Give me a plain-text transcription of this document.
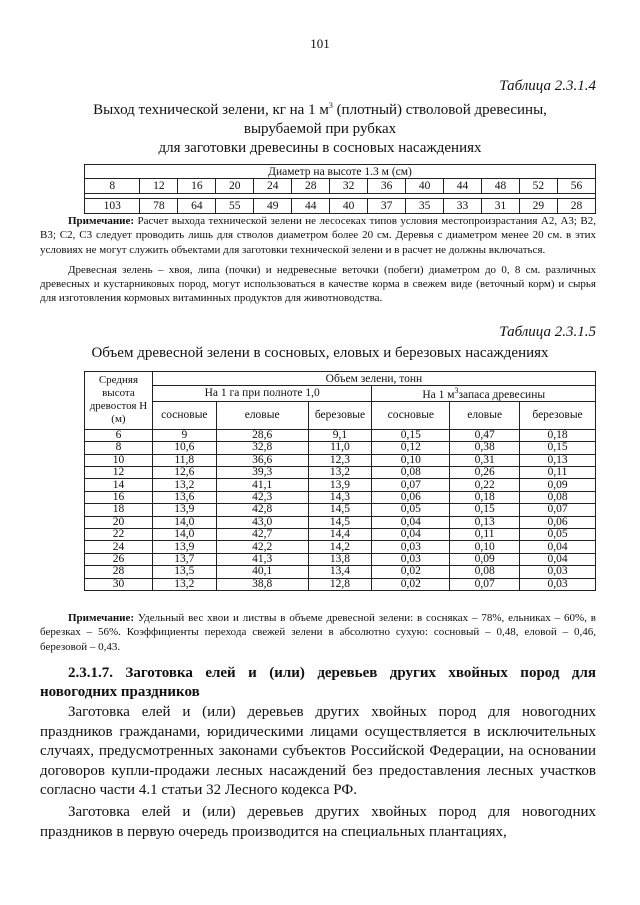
101
Таблица 2.3.1.4
Выход технической зелени, кг на 1 $м^3$ (плотный) стволовой древесины,
вырубаемой при рубках
для заготовки древесины в сосновых насаждениях
Диаметр на высоте 1.3 м (см)												
8	12	16	20	24	28	32	36	40	44	48	52	56

103	78	64	55	49	44	40	37	35	33	31	29	28
Примечание: Расчет выхода технической зелени не лесосеках типов условия местопроизрастания А2, А3; В2, В3; С2, С3 следует проводить лишь для стволов диаметром более 20 см. Деревья с диаметром менее 20 см. в этих условиях не могут служить объектами для заготовки технической зелени и в расчет не должны включаться.
Древесная зелень – хвоя, липа (почки) и недревесные веточки (побеги) диаметром до 0, 8 см. различных древесных и кустарниковых пород, могут использоваться в качестве корма в свежем виде (веточный корм) и сырья для изготовления кормовых витаминных продуктов для животноводства.
Таблица 2.3.1.5
Объем древесной зелени в сосновых, еловых и березовых насаждениях
Средняя высота древостоя Н (м)	Объем зелени, тонн					
	На 1 га при полноте 1,0			На 1 $м^3запаса$ древесины		
	сосновые	еловые	березовые	сосновые	еловые	березовые
6	9	28,6	9,1	0,15	0,47	0,18
8	10,6	32,8	11,0	0,12	0,38	0,15
10	11,8	36,6	12,3	0,10	0,31	0,13
12	12,6	39,3	13,2	0,08	0,26	0,11
14	13,2	41,1	13,9	0,07	0,22	0,09
16	13,6	42,3	14,3	0,06	0,18	0,08
18	13,9	42,8	14,5	0,05	0,15	0,07
20	14,0	43,0	14,5	0,04	0,13	0,06
22	14,0	42,7	14,4	0,04	0,11	0,05
24	13,9	42,2	14,2	0,03	0,10	0,04
26	13,7	41,3	13,8	0,03	0,09	0,04
28	13,5	40,1	13,4	0,02	0,08	0,03
30	13,2	38,8	12,8	0,02	0,07	0,03
Примечание: Удельный вес хвои и листвы в объеме древесной зелени: в сосняках – 78%, ельниках – 60%, в березках – 56%. Коэффициенты перехода свежей зелени в абсолютно сухую: сосновый – 0,48, еловой – 0,46, березовой – 0,43.
2.3.1.7. Заготовка елей и (или) деревьев других хвойных пород для новогодних праздников

Заготовка елей и (или) деревьев других хвойных пород для новогодних праздников гражданами, юридическими лицами осуществляется в исключительных случаях, предусмотренных законами субъектов Российской Федерации, на основании договоров купли-продажи лесных насаждений без предоставления лесных участков согласно части 4.1 статьи 32 Лесного кодекса РФ.

Заготовка елей и (или) деревьев других хвойных пород для новогодних праздников в первую очередь производится на специальных плантациях,
